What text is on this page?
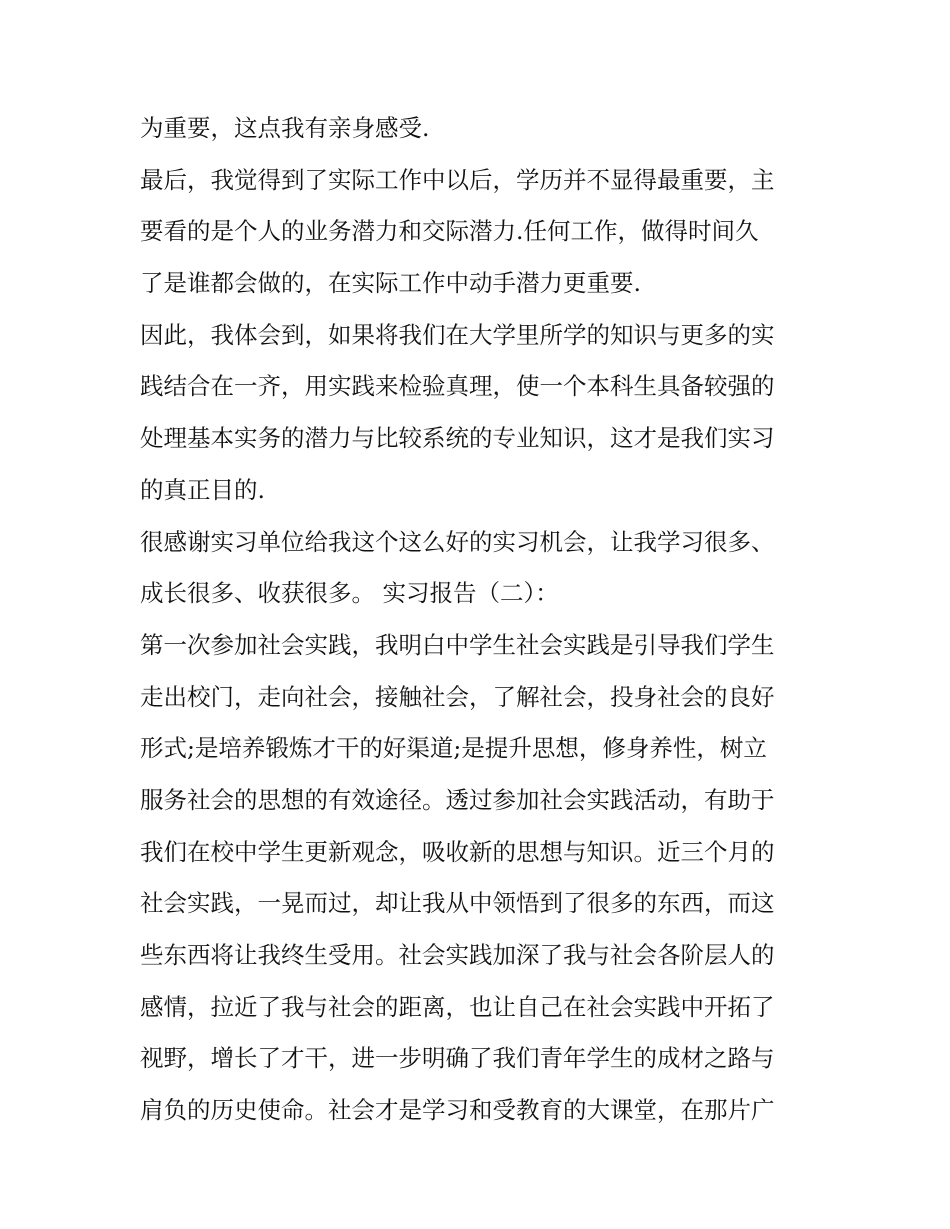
为重要，这点我有亲身感受.
最后，我觉得到了实际工作中以后，学历并不显得最重要，主
要看的是个人的业务潜力和交际潜力.任何工作，做得时间久
了是谁都会做的，在实际工作中动手潜力更重要.
因此，我体会到，如果将我们在大学里所学的知识与更多的实
践结合在一齐，用实践来检验真理，使一个本科生具备较强的
处理基本实务的潜力与比较系统的专业知识，这才是我们实习
的真正目的.
很感谢实习单位给我这个这么好的实习机会，让我学习很多、
成长很多、收获很多。 实习报告（二）：
第一次参加社会实践，我明白中学生社会实践是引导我们学生
走出校门，走向社会，接触社会，了解社会，投身社会的良好
形式;是培养锻炼才干的好渠道;是提升思想，修身养性，树立
服务社会的思想的有效途径。透过参加社会实践活动，有助于
我们在校中学生更新观念，吸收新的思想与知识。近三个月的
社会实践，一晃而过，却让我从中领悟到了很多的东西，而这
些东西将让我终生受用。社会实践加深了我与社会各阶层人的
感情，拉近了我与社会的距离，也让自己在社会实践中开拓了
视野，增长了才干，进一步明确了我们青年学生的成材之路与
肩负的历史使命。社会才是学习和受教育的大课堂，在那片广
